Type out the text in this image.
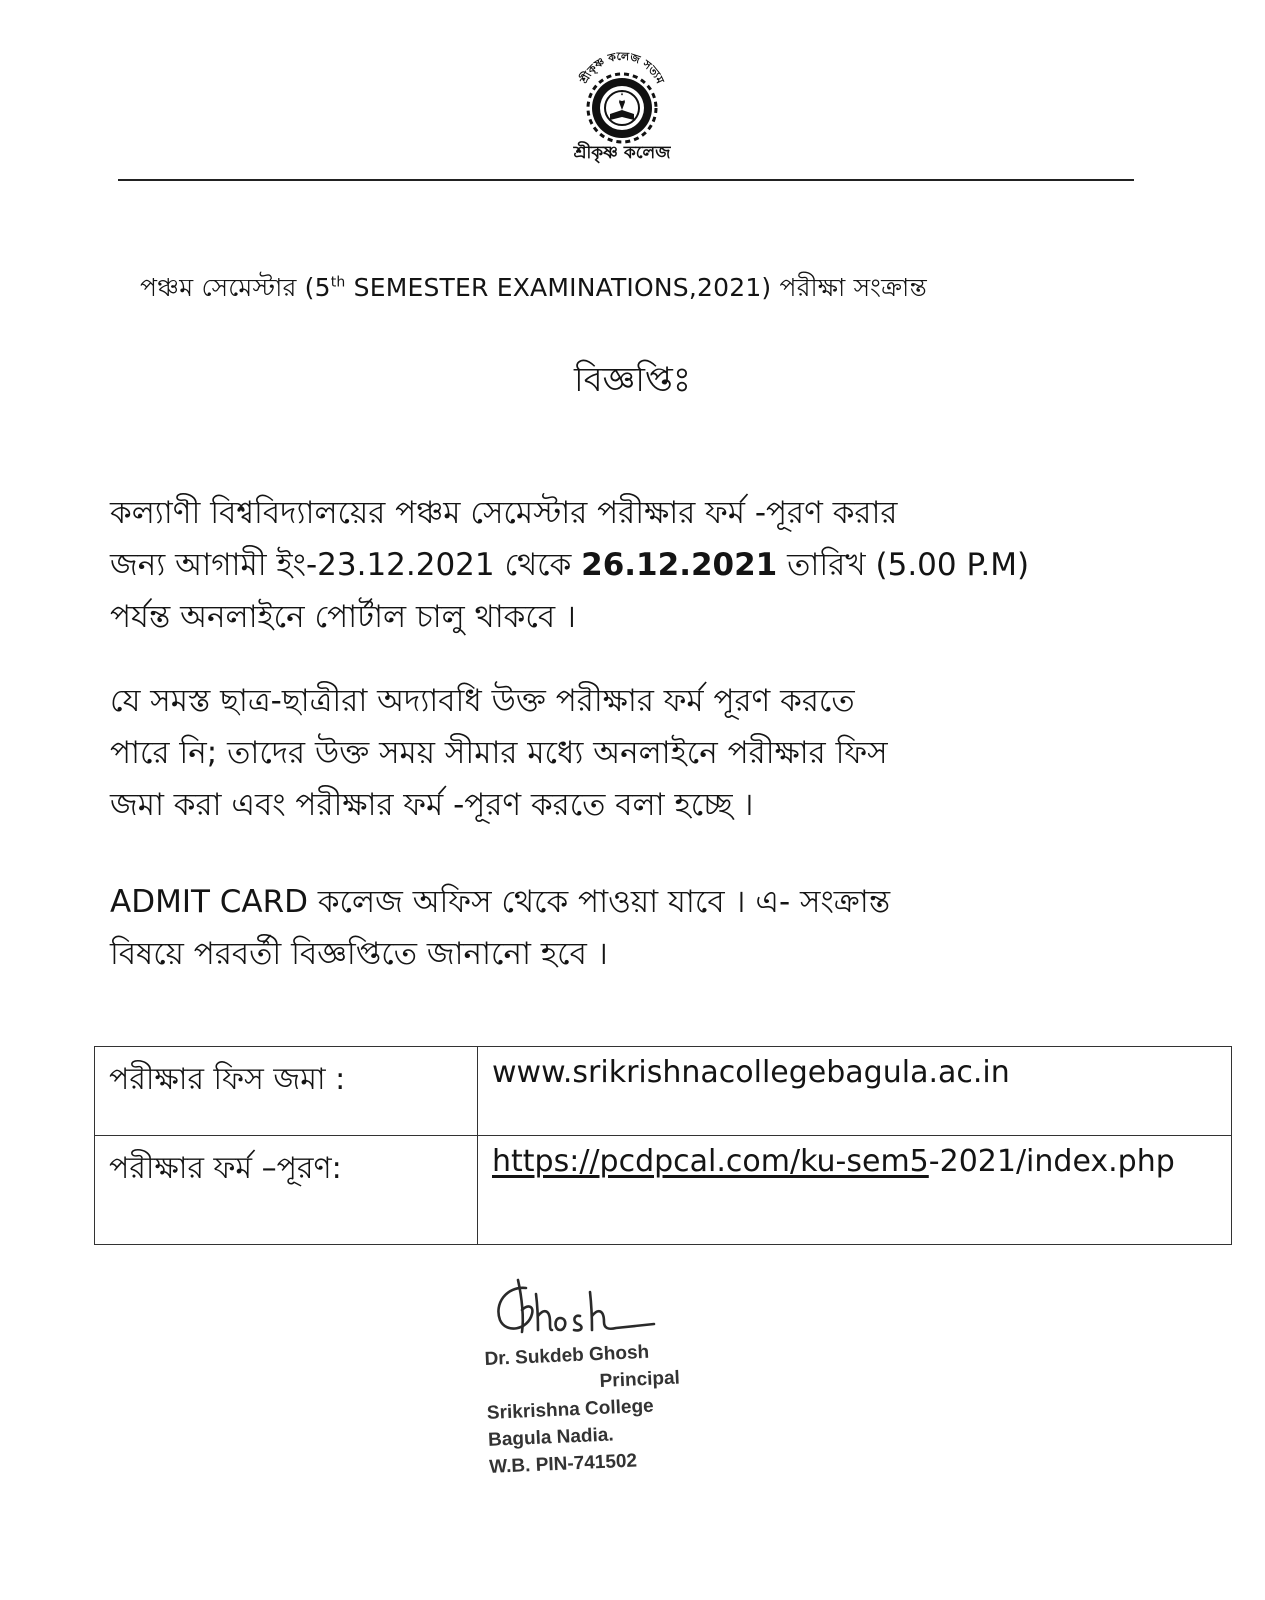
শ্রীকৃষ্ণ কলেজ সত্যম
শ্রীকৃষ্ণ কলেজ
পঞ্চম সেমেস্টার (5th SEMESTER EXAMINATIONS,2021) পরীক্ষা সংক্রান্ত
বিজ্ঞপ্তিঃ
কল্যাণী বিশ্ববিদ্যালয়ের পঞ্চম সেমেস্টার পরীক্ষার ফর্ম -পূরণ করার
জন্য আগামী ইং-23.12.2021 থেকে 26.12.2021 তারিখ (5.00 P.M)
পর্যন্ত অনলাইনে পোর্টাল চালু থাকবে ।
যে সমস্ত ছাত্র-ছাত্রীরা অদ্যাবধি উক্ত পরীক্ষার ফর্ম পূরণ করতে
পারে নি; তাদের উক্ত সময় সীমার মধ্যে অনলাইনে পরীক্ষার ফিস
জমা করা এবং পরীক্ষার ফর্ম -পূরণ করতে বলা হচ্ছে ।
ADMIT CARD কলেজ অফিস থেকে পাওয়া যাবে । এ- সংক্রান্ত
বিষয়ে পরবর্তী বিজ্ঞপ্তিতে জানানো হবে ।
পরীক্ষার ফিস জমা :	www.srikrishnacollegebagula.ac.in
পরীক্ষার ফর্ম –পূরণ:	https://pcdpcal.com/ku-sem5-2021/index.php
Dr. Sukdeb Ghosh
Principal
Srikrishna College
Bagula Nadia.
W.B. PIN-741502
